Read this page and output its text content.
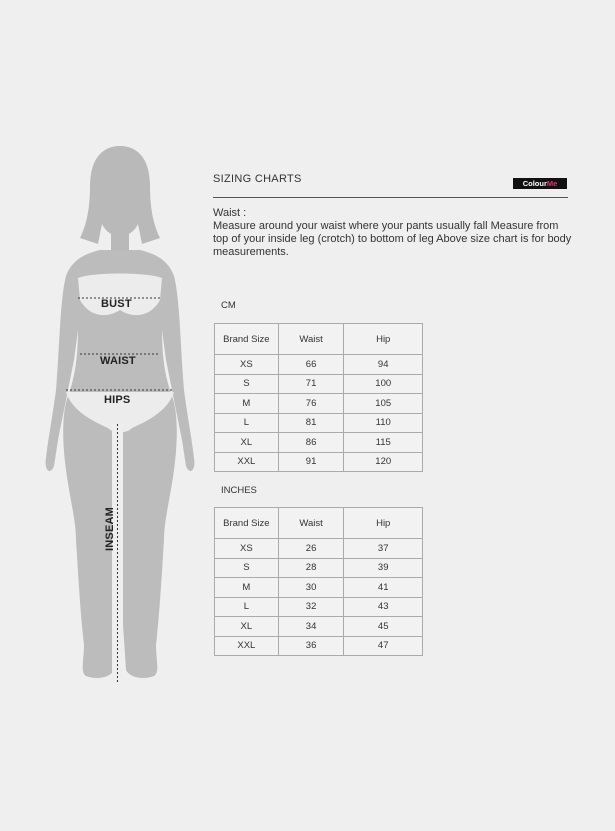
BUST
WAIST
HIPS
INSEAM
SIZING CHARTS	ColourMe
Waist :
Measure around your waist where your pants usually fall Measure from top of your inside leg (crotch) to bottom of leg Above size chart is for body measurements.
CM
Brand Size	Waist	Hip
XS	66	94
S	71	100
M	76	105
L	81	110
XL	86	115
XXL	91	120
INCHES
Brand Size	Waist	Hip
XS	26	37
S	28	39
M	30	41
L	32	43
XL	34	45
XXL	36	47
